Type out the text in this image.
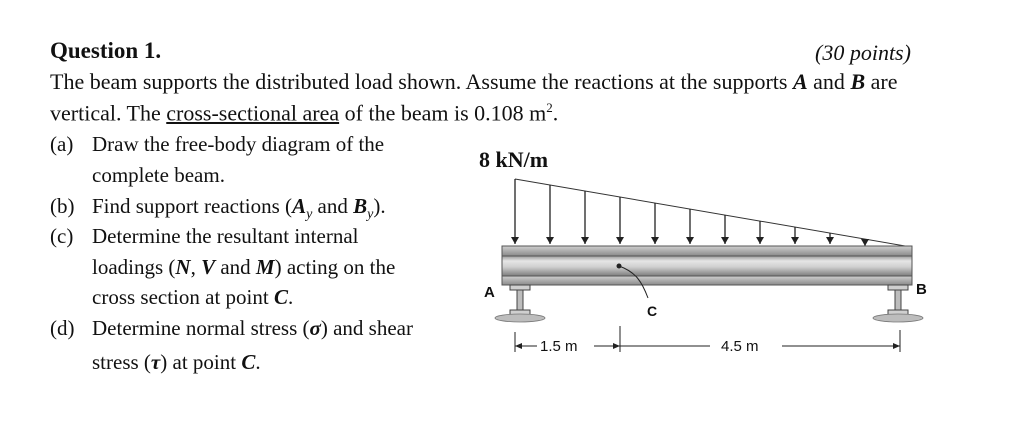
Question 1.	(30 points)
The beam supports the distributed load shown. Assume the reactions at the supports A and B are
vertical. The cross-sectional area of the beam is 0.108 $m^2$.
(a) Draw the free-body diagram of the
complete beam.
(b) Find support reactions ($A_y$ and $B_y$).
(c) Determine the resultant internal
loadings (N, V and M) acting on the
cross section at point C.
(d) Determine normal stress (σ) and shear
stress (τ) at point C.
8 kN/m
A	B
C
1.5 m	4.5 m
